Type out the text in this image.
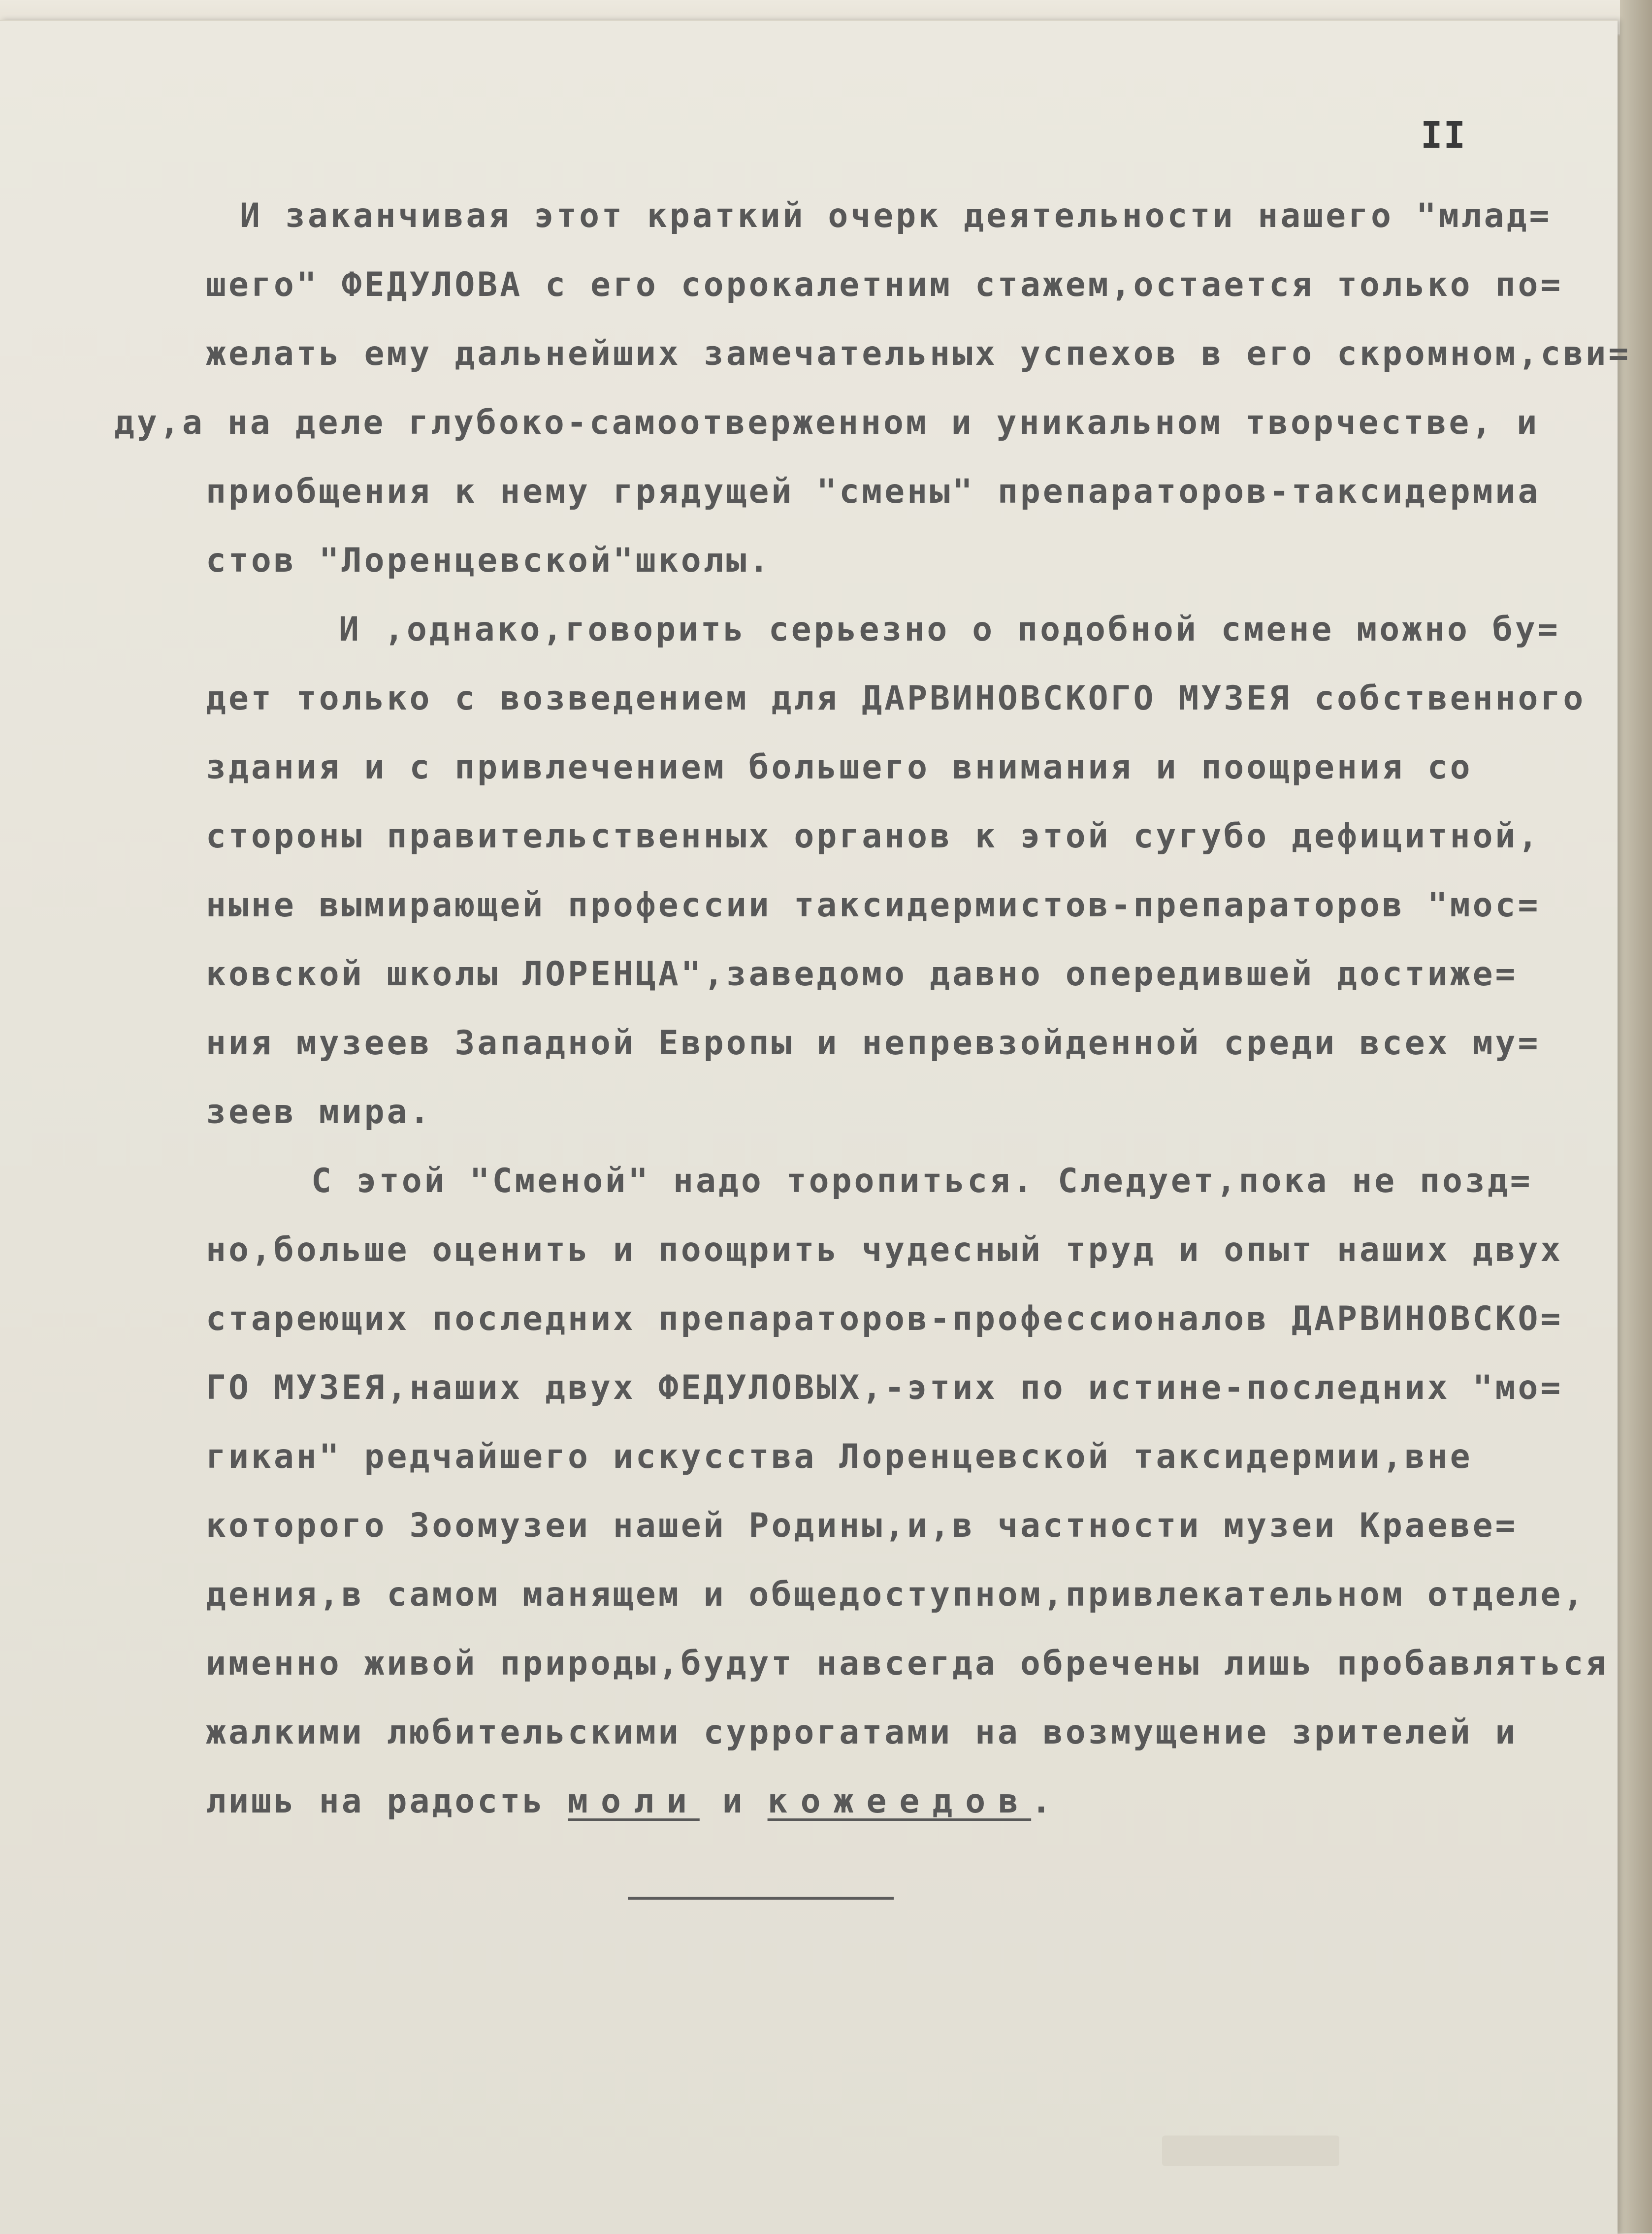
II
И заканчивая этот краткий очерк деятельности нашего "млад=
шего" ФЕДУЛОВА с его сорокалетним стажем,остается только по=
желать ему дальнейших замечательных успехов в его скромном,сви=
ду,а на деле глубоко-самоотверженном и уникальном творчестве, и
приобщения к нему грядущей "смены" препараторов-таксидермиа
стов "Лоренцевской"школы.
И ,однако,говорить серьезно о подобной смене можно бу=
дет только с возведением для ДАРВИНОВСКОГО МУЗЕЯ собственного
здания и с привлечением большего внимания и поощрения со
стороны правительственных органов к этой сугубо дефицитной,
ныне вымирающей профессии таксидермистов-препараторов "мос=
ковской школы ЛОРЕНЦА",заведомо давно опередившей достиже=
ния музеев Западной Европы и непревзойденной среди всех му=
зеев мира.
С этой "Сменой" надо торопиться. Следует,пока не позд=
но,больше оценить и поощрить чудесный труд и опыт наших двух
стареющих последних препараторов-профессионалов ДАРВИНОВСКО=
ГО МУЗЕЯ,наших двух ФЕДУЛОВЫХ,-этих по истине-последних "мо=
гикан" редчайшего искусства Лоренцевской таксидермии,вне
которого Зоомузеи нашей Родины,и,в частности музеи Краеве=
дения,в самом манящем и общедоступном,привлекательном отделе,
именно живой природы,будут навсегда обречены лишь пробавляться
жалкими любительскими суррогатами на возмущение зрителей и
лишь на радость моли и кожеедов.
